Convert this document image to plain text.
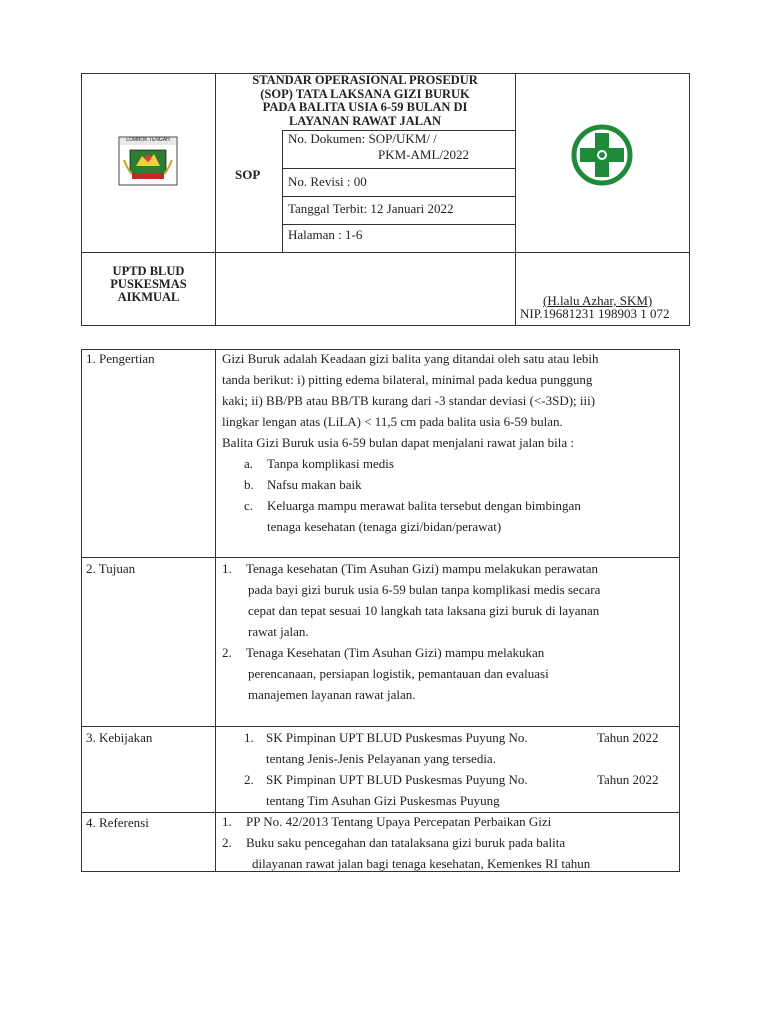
LOMBOK TENGAH
STANDAR OPERASIONAL PROSEDUR
(SOP) TATA LAKSANA GIZI BURUK
PADA BALITA USIA 6-59 BULAN DI
LAYANAN RAWAT JALAN
SOP
No. Dokumen: SOP/UKM/ /
PKM-AML/2022
No. Revisi : 00
Tanggal Terbit: 12 Januari 2022
Halaman : 1-6
UPTD BLUD
PUSKESMAS
AIKMUAL	(H.lalu Azhar, SKM)
NIP.19681231 198903 1 072
1. Pengertian	Gizi Buruk adalah Keadaan gizi balita yang ditandai oleh satu atau lebih
tanda berikut: i) pitting edema bilateral, minimal pada kedua punggung
kaki; ii) BB/PB atau BB/TB kurang dari -3 standar deviasi (<-3SD); iii)
lingkar lengan atas (LiLA) < 11,5 cm pada balita usia 6-59 bulan.
Balita Gizi Buruk usia 6-59 bulan dapat menjalani rawat jalan bila :
a. Tanpa komplikasi medis
b. Nafsu makan baik
c. Keluarga mampu merawat balita tersebut dengan bimbingan
tenaga kesehatan (tenaga gizi/bidan/perawat)
2. Tujuan	1. Tenaga kesehatan (Tim Asuhan Gizi) mampu melakukan perawatan
pada bayi gizi buruk usia 6-59 bulan tanpa komplikasi medis secara
cepat dan tepat sesuai 10 langkah tata laksana gizi buruk di layanan
rawat jalan.
2. Tenaga Kesehatan (Tim Asuhan Gizi) mampu melakukan
perencanaan, persiapan logistik, pemantauan dan evaluasi
manajemen layanan rawat jalan.
3. Kebijakan	1. SK Pimpinan UPT BLUD Puskesmas Puyung No.	Tahun 2022
tentang Jenis-Jenis Pelayanan yang tersedia.
2. SK Pimpinan UPT BLUD Puskesmas Puyung No.	Tahun 2022
tentang Tim Asuhan Gizi Puskesmas Puyung
4. Referensi	1. PP No. 42/2013 Tentang Upaya Percepatan Perbaikan Gizi
2. Buku saku pencegahan dan tatalaksana gizi buruk pada balita
dilayanan rawat jalan bagi tenaga kesehatan, Kemenkes RI tahun
